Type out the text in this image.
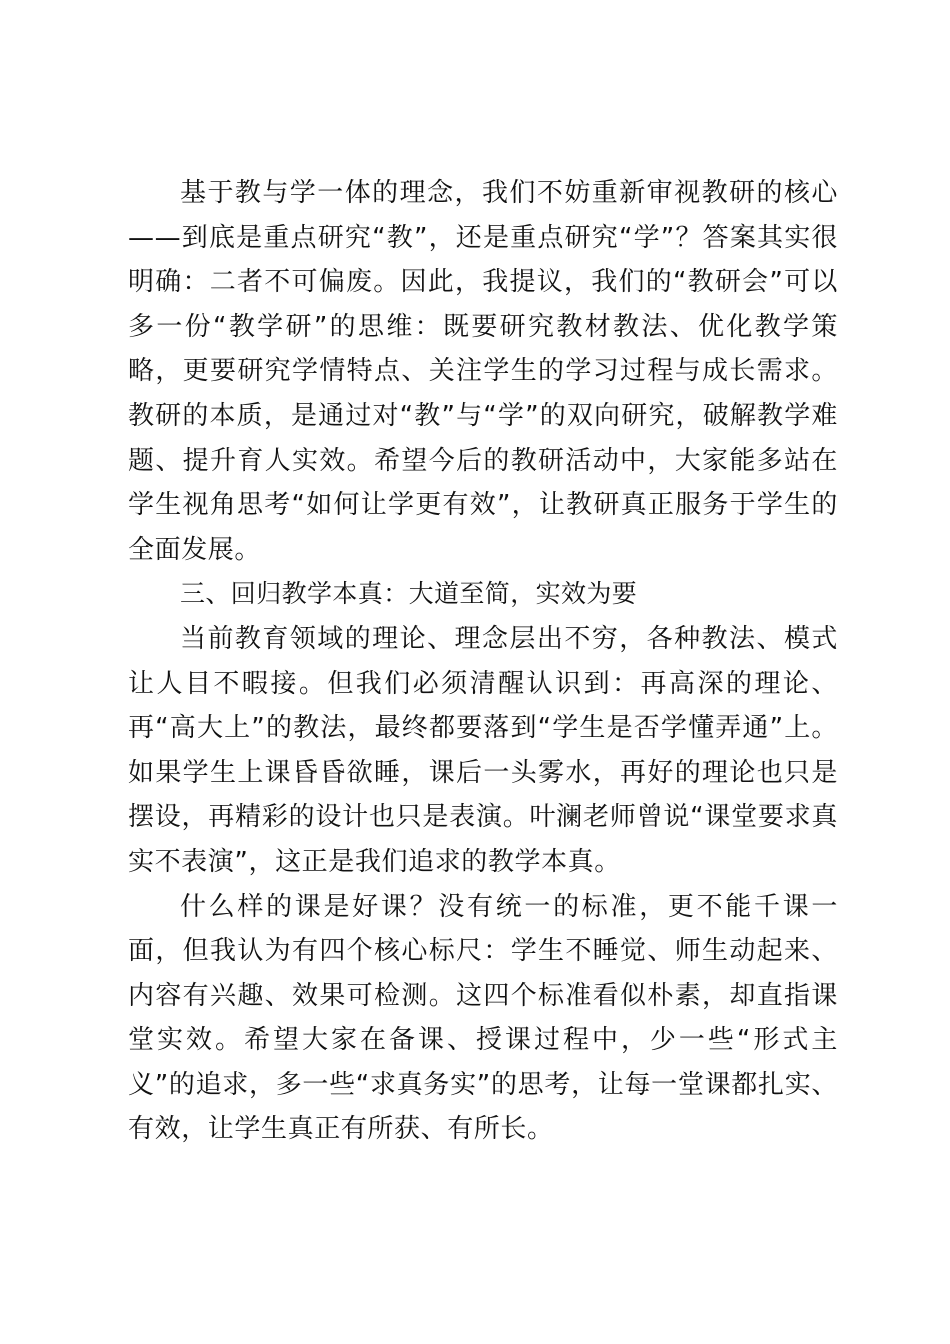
基于教与学一体的理念，我们不妨重新审视教研的核心——到底是重点研究“教”，还是重点研究“学”？答案其实很明确：二者不可偏废。因此，我提议，我们的“教研会”可以多一份“教学研”的思维：既要研究教材教法、优化教学策略，更要研究学情特点、关注学生的学习过程与成长需求。教研的本质，是通过对“教”与“学”的双向研究，破解教学难题、提升育人实效。希望今后的教研活动中，大家能多站在学生视角思考“如何让学更有效”，让教研真正服务于学生的全面发展。

三、回归教学本真：大道至简，实效为要

当前教育领域的理论、理念层出不穷，各种教法、模式让人目不暇接。但我们必须清醒认识到：再高深的理论、再“高大上”的教法，最终都要落到“学生是否学懂弄通”上。如果学生上课昏昏欲睡，课后一头雾水，再好的理论也只是摆设，再精彩的设计也只是表演。叶澜老师曾说“课堂要求真实不表演”，这正是我们追求的教学本真。

什么样的课是好课？没有统一的标准，更不能千课一面，但我认为有四个核心标尺：学生不睡觉、师生动起来、内容有兴趣、效果可检测。这四个标准看似朴素，却直指课堂实效。希望大家在备课、授课过程中，少一些“形式主义”的追求，多一些“求真务实”的思考，让每一堂课都扎实、有效，让学生真正有所获、有所长。
